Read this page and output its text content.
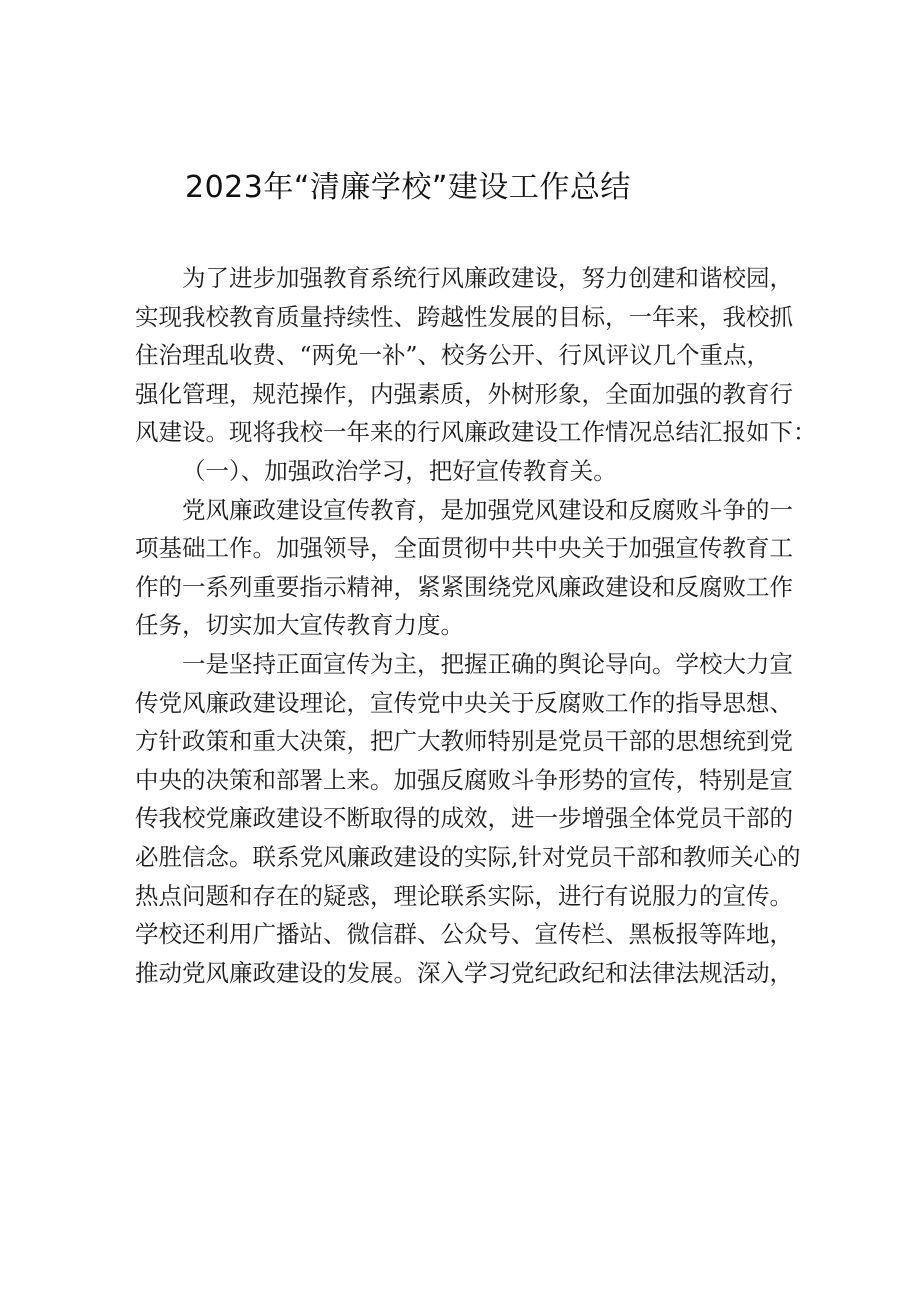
2023年“清廉学校”建设工作总结
为了进步加强教育系统行风廉政建设，努力创建和谐校园，
实现我校教育质量持续性、跨越性发展的目标，一年来，我校抓
住治理乱收费、“两免一补”、校务公开、行风评议几个重点，
强化管理，规范操作，内强素质，外树形象，全面加强的教育行
风建设。现将我校一年来的行风廉政建设工作情况总结汇报如下：
（一）、加强政治学习，把好宣传教育关。
党风廉政建设宣传教育，是加强党风建设和反腐败斗争的一
项基础工作。加强领导，全面贯彻中共中央关于加强宣传教育工
作的一系列重要指示精神，紧紧围绕党风廉政建设和反腐败工作
任务，切实加大宣传教育力度。
一是坚持正面宣传为主，把握正确的舆论导向。学校大力宣
传党风廉政建设理论，宣传党中央关于反腐败工作的指导思想、
方针政策和重大决策，把广大教师特别是党员干部的思想统到党
中央的决策和部署上来。加强反腐败斗争形势的宣传，特别是宣
传我校党廉政建设不断取得的成效，进一步增强全体党员干部的
必胜信念。联系党风廉政建设的实际,针对党员干部和教师关心的
热点问题和存在的疑惑，理论联系实际，进行有说服力的宣传。
学校还利用广播站、微信群、公众号、宣传栏、黑板报等阵地，
推动党风廉政建设的发展。深入学习党纪政纪和法律法规活动，
